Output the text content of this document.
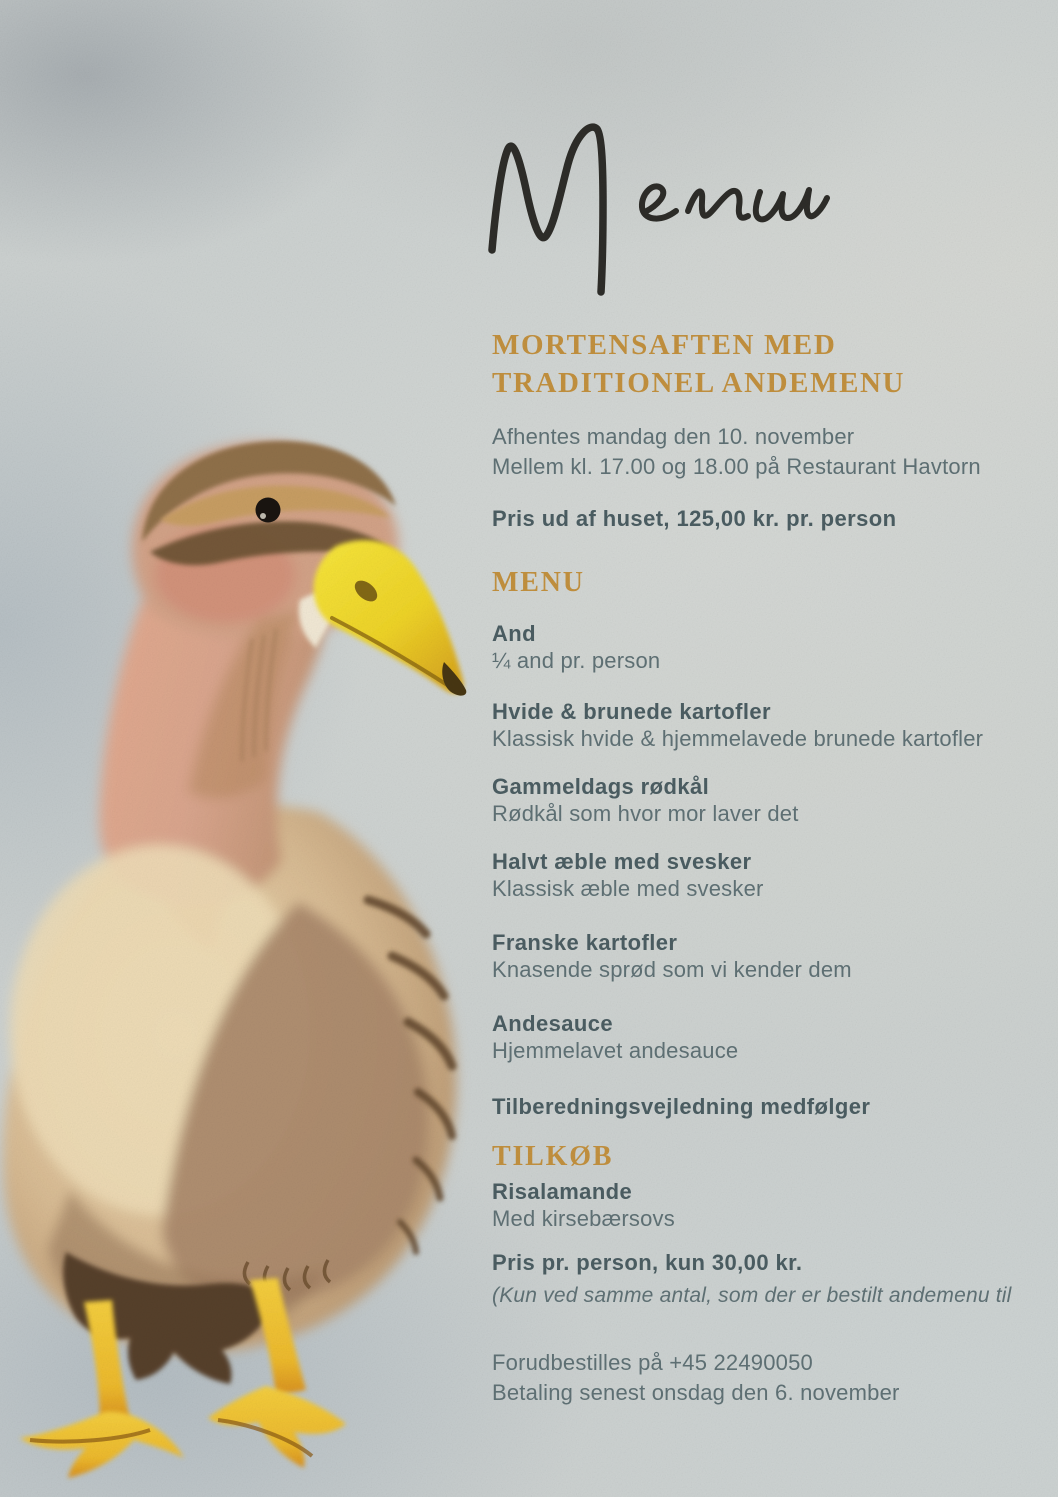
MORTENSAFTEN MED
TRADITIONEL ANDEMENU
Afhentes mandag den 10. november
Mellem kl. 17.00 og 18.00 på Restaurant Havtorn
Pris ud af huset, 125,00 kr. pr. person
MENU
And
¼ and pr. person
Hvide & brunede kartofler
Klassisk hvide & hjemmelavede brunede kartofler
Gammeldags rødkål
Rødkål som hvor mor laver det
Halvt æble med svesker
Klassisk æble med svesker
Franske kartofler
Knasende sprød som vi kender dem
Andesauce
Hjemmelavet andesauce
Tilberedningsvejledning medfølger
TILKØB
Risalamande
Med kirsebærsovs
Pris pr. person, kun 30,00 kr.
(Kun ved samme antal, som der er bestilt andemenu til
Forudbestilles på +45 22490050
Betaling senest onsdag den 6. november
